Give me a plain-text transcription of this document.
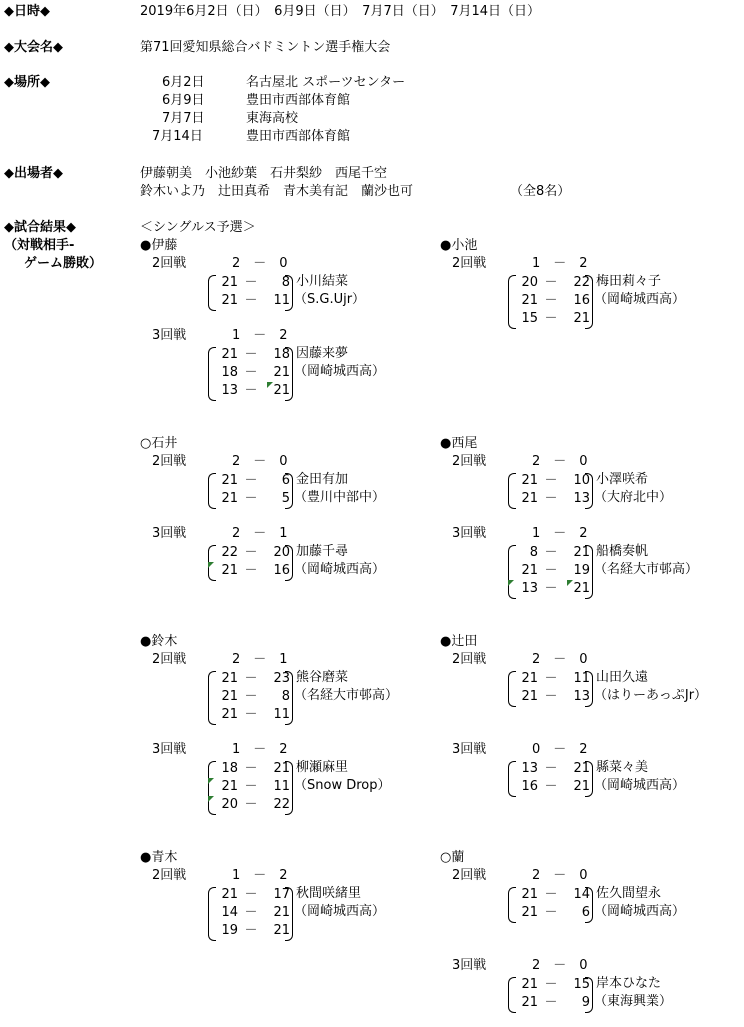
◆日時◆	2019年6月2日（日）　6月9日（日）　7月7日（日）　7月14日（日）
◆大会名◆	第71回愛知県総合バドミントン選手権大会
◆場所◆	6月2日	名古屋北 スポーツセンター
6月9日	豊田市西部体育館
7月7日	東海高校
7月14日	豊田市西部体育館
◆出場者◆	伊藤朝美　小池紗葉　石井梨紗　西尾千空
鈴木いよ乃　辻田真希　青木美有記　蘭沙也可	（全8名）
◆試合結果◆
（対戦相手-
ゲーム勝敗）
＜シングルス予選＞
●伊藤
2回戦	2　－　0
21 － 8
21 － 11
小川結菜
（S.G.Ujr）
3回戦	1　－　2
21 － 18
18 － 21
13 － 21
因藤来夢
（岡崎城西高）
●小池
2回戦	1　－　2
20 － 22
21 － 16
15 － 21
梅田莉々子
（岡崎城西高）
○石井
2回戦	2　－　0
21 － 6
21 － 5
金田有加
（豊川中部中）
3回戦	2　－　1
22 － 20
21 － 16
加藤千尋
（岡崎城西高）
●西尾
2回戦	2　－　0
21 － 10
21 － 13
小澤咲希
（大府北中）
3回戦	1　－　2
8 － 21
21 － 19
13 － 21
船橋奏帆
（名経大市邨高）
●鈴木
2回戦	2　－　1
21 － 23
21 － 8
21 － 11
熊谷磨菜
（名経大市邨高）
3回戦	1　－　2
18 － 21
21 － 11
20 － 22
柳瀬麻里
（Snow Drop）
●辻田
2回戦	2　－　0
21 － 11
21 － 13
山田久遠
（はりーあっぷJr）
3回戦	0　－　2
13 － 21
16 － 21
縣菜々美
（岡崎城西高）
●青木
2回戦	1　－　2
21 － 17
14 － 21
19 － 21
秋間咲緒里
（岡崎城西高）
○蘭
2回戦	2　－　0
21 － 14
21 － 6
佐久間望永
（岡崎城西高）
3回戦	2　－　0
21 － 15
21 － 9
岸本ひなた
（東海興業）
